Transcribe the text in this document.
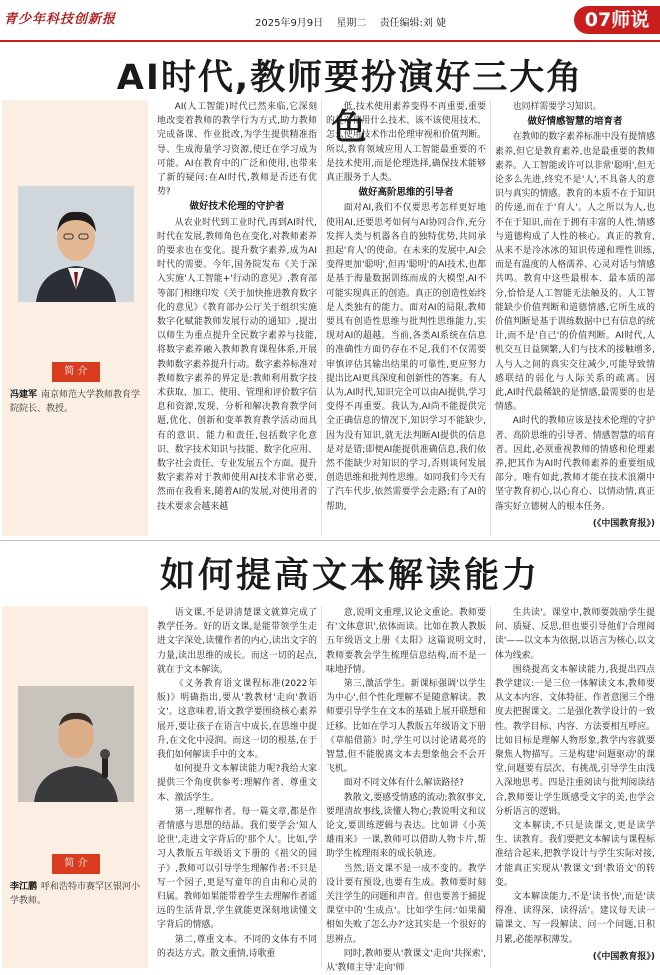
青少年科技创新报	2025年9月9日 星期二 责任编辑:刘 婕	07师说
AI时代,教师要扮演好三大角色
简 介
冯建军 南京师范大学教师教育学院院长、教授。

AI(人工智能)时代已然来临,它深刻地改变着教师的教学行为方式,助力教师完成备课、作业批改,为学生提供精准指导、生成海量学习资源,使迁在学习成为可能。AI在教育中的广泛和使用,也带来了新的疑问:在AI时代,教师是否还有优势?

做好技术伦理的守护者

从农业时代到工业时代,再到AI时代,时代在发展,教师角色在变化,对教师素养的要求也在变化。提升数字素养,成为AI时代的需要。今年,国务院发布《关于深入实施'人工智能+'行动的意见》,教育部等部门相继印发《关于加快推进教育数字化的意见》《教育部办公厅关于组织实施数字化赋能教师发展行动的通知》,提出以师生为重点提升全民数字素养与技能,将数字素养融入教师教育课程体系,开展教师数字素养提升行动。数字素养标准对教师数字素养的界定是:教师利用数字技术获取、加工、使用、管理和评价数字信息和资源,发现、分析和解决教育教学问题,优化、创新和变革教育教学活动而具有的意识、能力和责任,包括数字化意识、数字技术知识与技能、数字化应用、数字社会责任、专业发展五个方面。提升数字素养对于教师使用AI技术非常必要,然而在我看来,随着AI的发展,对使用者的技术要求会越来越

低,技术使用素养变得不再重要,重要的是对使用什么技术、该不该使用技术、怎么使用技术作出伦理审视和价值判断。所以,教育领域应用人工智能最重要的不是技术使用,而是伦理选择,确保技术能够真正服务于人类。

做好高阶思维的引导者

面对AI,我们不仅要思考怎样更好地使用AI,还要思考如何与AI协同合作,充分发挥人类与机器各自的独特优势,共同承担起'育人'的使命。在未来的发展中,AI会变得更加'聪明',但再'聪明'的AI技术,也都是基于海量数据训练而成的大模型,AI不可能实现真正的创造。真正的创造性始终是人类独有的能力。面对AI的局限,教师要具有创造性思维与批判性思维能力,实现对AI的超越。当前,各类AI系统在信息的准确性方面仍存在不足,我们不仅需要审慎评估其输出结果的可靠性,更应努力提出比AI更具深度和创新性的答案。有人认为,AI时代,知识完全可以由AI提供,学习变得不再重要。我认为,AI尚不能提供完全正确信息的情况下,知识学习不能缺少,因为没有知识,就无法判断AI提供的信息是对是错;即便AI能提供准确信息,我们依然不能缺少对知识的学习,否则谈何发展创造思维和批判性思维。如同我们今天有了汽车代步,依然需要学会走路;有了AI的帮助,

也同样需要学习知识。

做好情感智慧的培育者

在教师的数字素养标准中没有提情感素养,但它是教育素养,也是最重要的教师素养。人工智能或许可以非常'聪明',但无论多么先进,终究不是'人',不具备人的意识与真实的情感。教育的本质不在于知识的传递,而在于'育人'。人之所以为人,也不在于知识,而在于拥有丰富的人性,情感与道德构成了人性的核心。真正的教育,从来不是冷冰冰的知识传递和理性训练,而是有温度的人格濡养、心灵对话与情感共鸣。教育中这些最根本、最本质的部分,恰恰是人工智能无法触及的。人工智能缺少价值判断和道德情感,它所生成的价值判断是基于训练数据中已有信息的统计,而不是'自己'的价值判断。AI时代,人机交互日益频繁,人们与技术的接触增多,人与人之间的真实交往减少,可能导致情感联结的弱化与人际关系的疏离。因此,AI时代最稀缺的是情感,最需要的也是情感。

AI时代的教师应该是技术伦理的守护者、高阶思维的引导者、情感智慧的培育者。因此,必须重视教师的情感和伦理素养,把其作为AI时代教师素养的重要组成部分。唯有如此,教师才能在技术浪潮中坚守教育初心,以心育心、以情动情,真正落实好立德树人的根本任务。

(《中国教育报》)
如何提高文本解读能力
简 介
李江鹏 呼和浩特市赛罕区银河小学教师。

语文课,不是讲清楚课文就算完成了教学任务。好的语文课,是能带领学生走进文字深处,读懂作者的内心,读出文字的力量,读出思维的成长。而这一切的起点,就在于文本解读。

《义务教育语文课程标准(2022年版)》明确指出,要从'教教材'走向'教语文'。这意味着,语文教学要围绕核心素养展开,要让孩子在语言中成长,在思维中提升,在文化中浸润。而这一切的根基,在于我们如何解读手中的文本。

如何提升文本解读能力呢?我给大家提供三个角度供参考:理解作者、尊重文本、激活学生。

第一,理解作者。每一篇文章,都是作者情感与思想的结晶。我们要学会'知人论世',走进文字背后的'那个人'。比如,学习人教版五年级语文下册的《祖父的园子》,教师可以引导学生理解作者:不只是写一个园子,更是写童年的自由和心灵的归属。教师如果能带着学生去理解作者遥远的生活背景,学生就能更深刻地读懂文字背后的情感。

第二,尊重文本。不同的文体有不同的表达方式。散文重情,诗歌重

意,说明文重理,议论文重论。教师要有'文体意识',依体而读。比如在教人教版五年级语文上册《太阳》这篇说明文时,教师要教会学生梳理信息结构,而不是一味地抒情。

第三,激活学生。新课标强调'以学生为中心',但个性化理解不是随意解读。教师要引导学生在文本的基础上展开联想和迁移。比如在学习人教版五年级语文下册《草船借箭》时,学生可以讨论诸葛亮的智慧,但不能脱离文本去想象他会不会开飞机。

面对不同文体有什么解读路径?

教散文,要感受情感的流动;教叙事文,要理清故事线,读懂人物心;教说明文和议论文,要训练逻辑与表达。比如讲《小英雄雨来》一课,教师可以借助人物卡片,帮助学生梳理雨来的成长轨迹。

当然,语文课不是一成不变的。教学设计要有预设,也要有生成。教师要时刻关注学生的问题和声音。但也要善于捕捉课堂中的'生成点'。比如学生问:'如果蔺相如失败了怎么办?'这其实是一个很好的思辨点。

同时,教师要从'教课文'走向'共探索',从'教师主导'走向'师

生共读'。课堂中,教师要鼓励学生提问、质疑、反思,但也要引导他们'合理阅读'——以文本为依据,以语言为核心,以文体为线索。

围绕提高文本解读能力,我提出四点教学建议:一是三位一体解读文本,教师要从文本内容、文体特征、作者意图三个维度去把握课文。二是强化教学设计的一致性。教学目标、内容、方法要相互呼应。比如目标是理解人物形象,教学内容就要聚焦人物描写。三是构建'问题驱动'的课堂,问题要有层次、有挑战,引导学生由浅入深地思考。四是注重阅读与批判阅读结合,教师要让学生既感受文字的美,也学会分析语言的逻辑。

文本解读,不只是读课文,更是读学生、读教育。我们要把文本解读与课程标准结合起来,把教学设计与学生实际对接,才能真正实现从'教课文'到'教语文'的转变。

文本解读能力,不是'读书快',而是'读得准、读得深、读得活'。建议每天读一篇课文、写一段解读、问一个问题,日积月累,必能厚积薄发。

(《中国教育报》)
